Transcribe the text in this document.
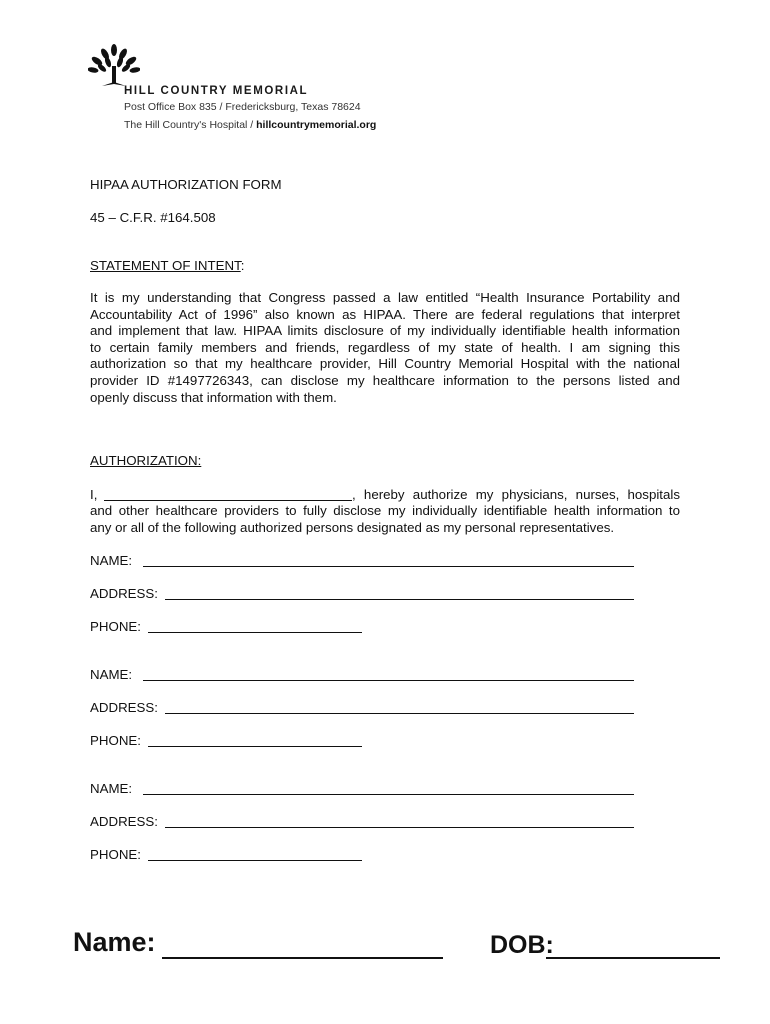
HILL COUNTRY MEMORIAL
Post Office Box 835 / Fredericksburg, Texas 78624
The Hill Country's Hospital / hillcountrymemorial.org
HIPAA AUTHORIZATION FORM
45 – C.F.R. #164.508
STATEMENT OF INTENT:
It is my understanding that Congress passed a law entitled “Health Insurance Portability and
Accountability Act of 1996” also known as HIPAA. There are federal regulations that interpret
and implement that law. HIPAA limits disclosure of my individually identifiable health information
to certain family members and friends, regardless of my state of health. I am signing this
authorization so that my healthcare provider, Hill Country Memorial Hospital with the national
provider ID #1497726343, can disclose my healthcare information to the persons listed and
openly discuss that information with them.
AUTHORIZATION:
I,	, hereby authorize my physicians, nurses, hospitals
and other healthcare providers to fully disclose my individually identifiable health information to
any or all of the following authorized persons designated as my personal representatives.
NAME:
ADDRESS:
PHONE:
NAME:
ADDRESS:
PHONE:
NAME:
ADDRESS:
PHONE:
Name:	DOB:
